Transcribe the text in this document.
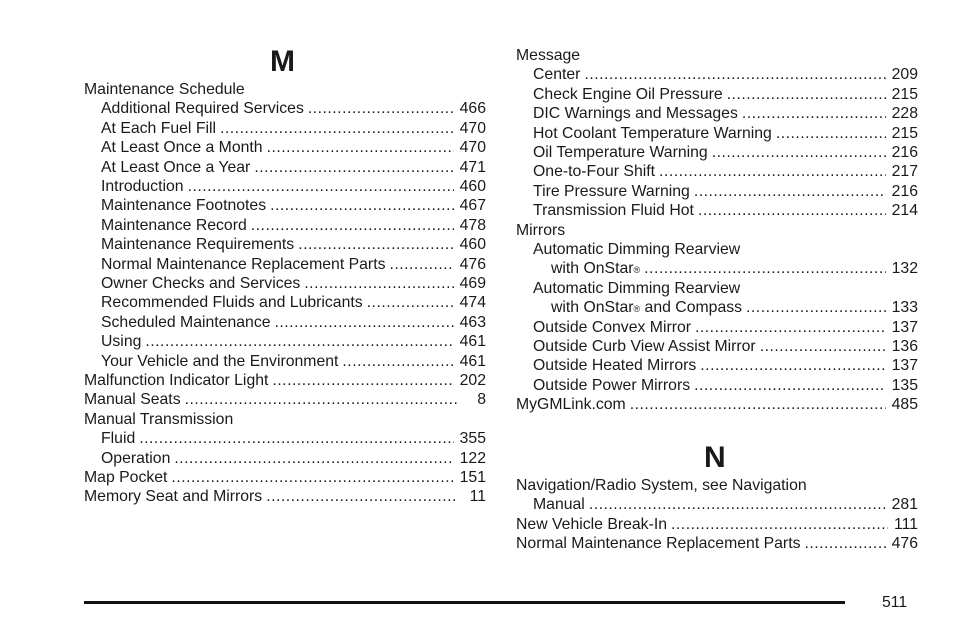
M
Maintenance Schedule
Additional Required Services .....	466
At Each Fuel Fill .....	470
At Least Once a Month .....	470
At Least Once a Year .....	471
Introduction .....	460
Maintenance Footnotes .....	467
Maintenance Record .....	478
Maintenance Requirements .....	460
Normal Maintenance Replacement Parts .....	476
Owner Checks and Services .....	469
Recommended Fluids and Lubricants .....	474
Scheduled Maintenance .....	463
Using .....	461
Your Vehicle and the Environment .....	461
Malfunction Indicator Light .....	202
Manual Seats .....	8
Manual Transmission
Fluid .....	355
Operation .....	122
Map Pocket .....	151
Memory Seat and Mirrors .....	11
Message
Center .....	209
Check Engine Oil Pressure .....	215
DIC Warnings and Messages .....	228
Hot Coolant Temperature Warning .....	215
Oil Temperature Warning .....	216
One-to-Four Shift .....	217
Tire Pressure Warning .....	216
Transmission Fluid Hot .....	214
Mirrors
Automatic Dimming Rearview
with OnStar ® .....	132
Automatic Dimming Rearview
with OnStar ® and Compass .....	133
Outside Convex Mirror .....	137
Outside Curb View Assist Mirror .....	136
Outside Heated Mirrors .....	137
Outside Power Mirrors .....	135
MyGMLink.com .....	485
N
Navigation/Radio System, see Navigation
Manual .....	281
New Vehicle Break-In .....	111
Normal Maintenance Replacement Parts .....	476
511
